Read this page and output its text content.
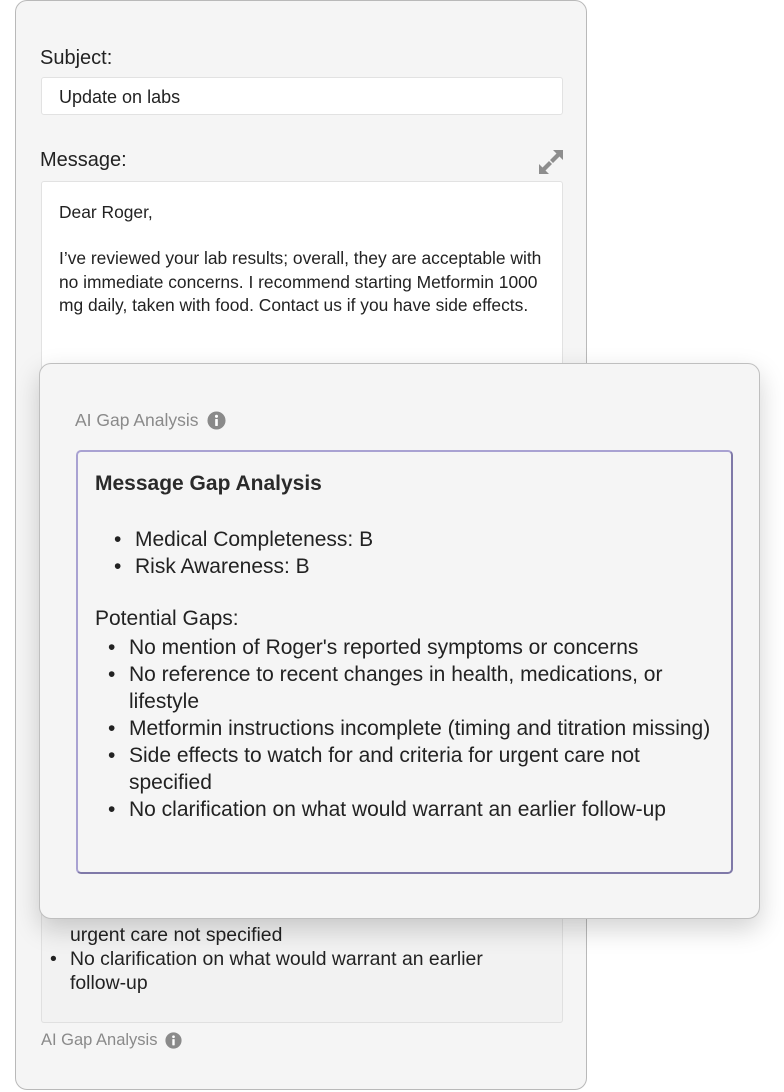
Subject:
Update on labs
Message:

Dear Roger,

I’ve reviewed your lab results; overall, they are acceptable with no immediate concerns. I recommend starting Metformin 1000 mg daily, taken with food. Contact us if you have side effects.

urgent care not specified
• No clarification on what would warrant an earlier follow-up
AI Gap Analysis
AI Gap Analysis
Message Gap Analysis
• Medical Completeness: B
• Risk Awareness: B
Potential Gaps:
• No mention of Roger's reported symptoms or concerns
• No reference to recent changes in health, medications, or lifestyle
• Metformin instructions incomplete (timing and titration missing)
• Side effects to watch for and criteria for urgent care not specified
• No clarification on what would warrant an earlier follow-up
